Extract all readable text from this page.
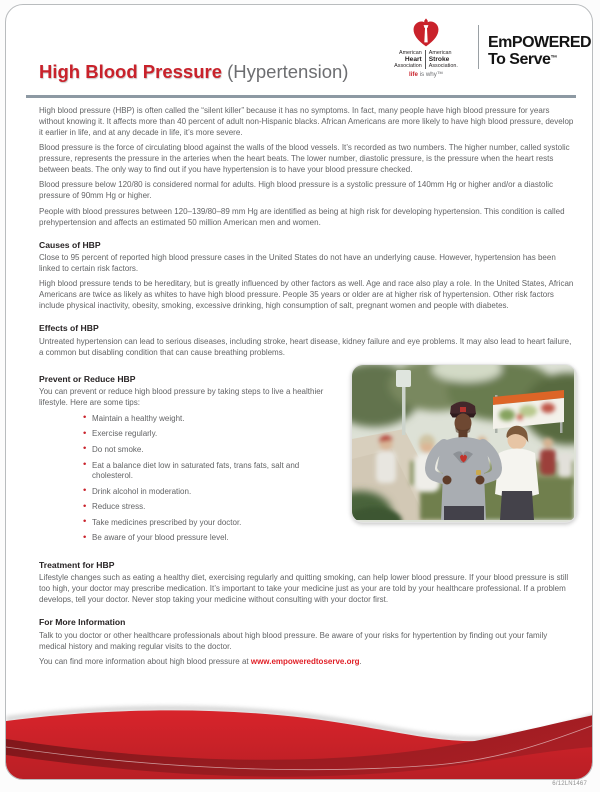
American
Heart
Association
American
Stroke
Association.
life is why™
EmPOWERED
To Serve™
High Blood Pressure (Hypertension)

High blood pressure (HBP) is often called the “silent killer” because it has no symptoms. In fact, many people have high blood pressure for years without knowing it. It affects more than 40 percent of adult non-Hispanic blacks. African Americans are more likely to have high blood pressure, develop it earlier in life, and at any decade in life, it’s more severe.

Blood pressure is the force of circulating blood against the walls of the blood vessels. It’s recorded as two numbers. The higher number, called systolic pressure, represents the pressure in the arteries when the heart beats. The lower number, diastolic pressure, is the pressure when the heart rests between beats. The only way to find out if you have hypertension is to have your blood pressure checked.

Blood pressure below 120/80 is considered normal for adults. High blood pressure is a systolic pressure of 140mm Hg or higher and/or a diastolic pressure of 90mm Hg or higher.

People with blood pressures between 120–139/80–89 mm Hg are identified as being at high risk for developing hypertension. This condition is called prehypertension and affects an estimated 50 million American men and women.

Causes of HBP

Close to 95 percent of reported high blood pressure cases in the United States do not have an underlying cause. However, hypertension has been linked to certain risk factors.

High blood pressure tends to be hereditary, but is greatly influenced by other factors as well. Age and race also play a role. In the United States, African Americans are twice as likely as whites to have high blood pressure. People 35 years or older are at higher risk of hypertension. Other risk factors include physical inactivity, obesity, smoking, excessive drinking, high consumption of salt, pregnant women and people with diabetes.

Effects of HBP

Untreated hypertension can lead to serious diseases, including stroke, heart disease, kidney failure and eye problems. It may also lead to heart failure, a common but disabling condition that can cause breathing problems.

Prevent or Reduce HBP

You can prevent or reduce high blood pressure by taking steps to live a healthier lifestyle. Here are some tips:

• Maintain a healthy weight.
• Exercise regularly.
• Do not smoke.
• Eat a balance diet low in saturated fats, trans fats, salt and cholesterol.
• Drink alcohol in moderation.
• Reduce stress.
• Take medicines prescribed by your doctor.
• Be aware of your blood pressure level.
Treatment for HBP

Lifestyle changes such as eating a healthy diet, exercising regularly and quitting smoking, can help lower blood pressure. If your blood pressure is still too high, your doctor may prescribe medication. It’s important to take your medicine just as your are told by your healthcare professional. If a problem develops, tell your doctor. Never stop taking your medicine without consulting with your doctor first.

For More Information

Talk to you doctor or other healthcare professionals about high blood pressure. Be aware of your risks for hypertention by finding out your family medical history and making regular visits to the doctor.

You can find more information about high blood pressure at www.empoweredtoserve.org.

6/12LN1467
